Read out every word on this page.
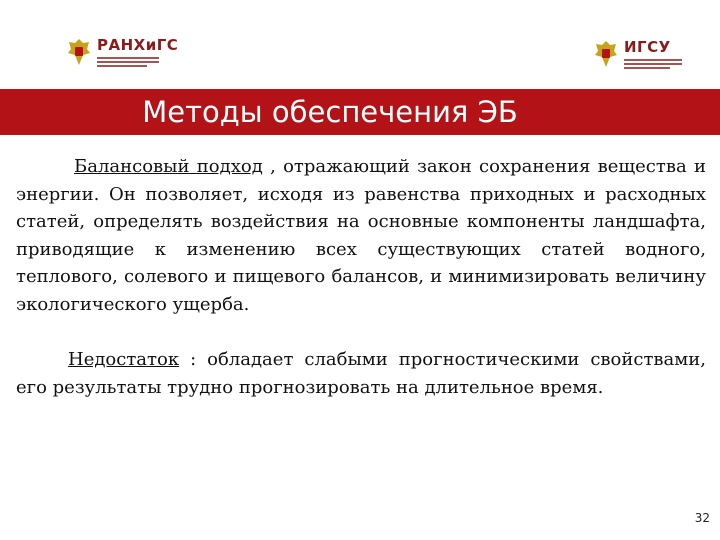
РАНХиГС	ИГСУ
Методы обеспечения ЭБ

Балансовый подход , отражающий закон сохранения вещества и энергии. Он позволяет, исходя из равенства приходных и расходных статей, определять воздействия на основные компоненты ландшафта, приводящие к изменению всех существующих статей водного, теплового, солевого и пищевого балансов, и минимизировать величину экологического ущерба.

Недостаток : обладает слабыми прогностическими свойствами, его результаты трудно прогнозировать на длительное время.

32
